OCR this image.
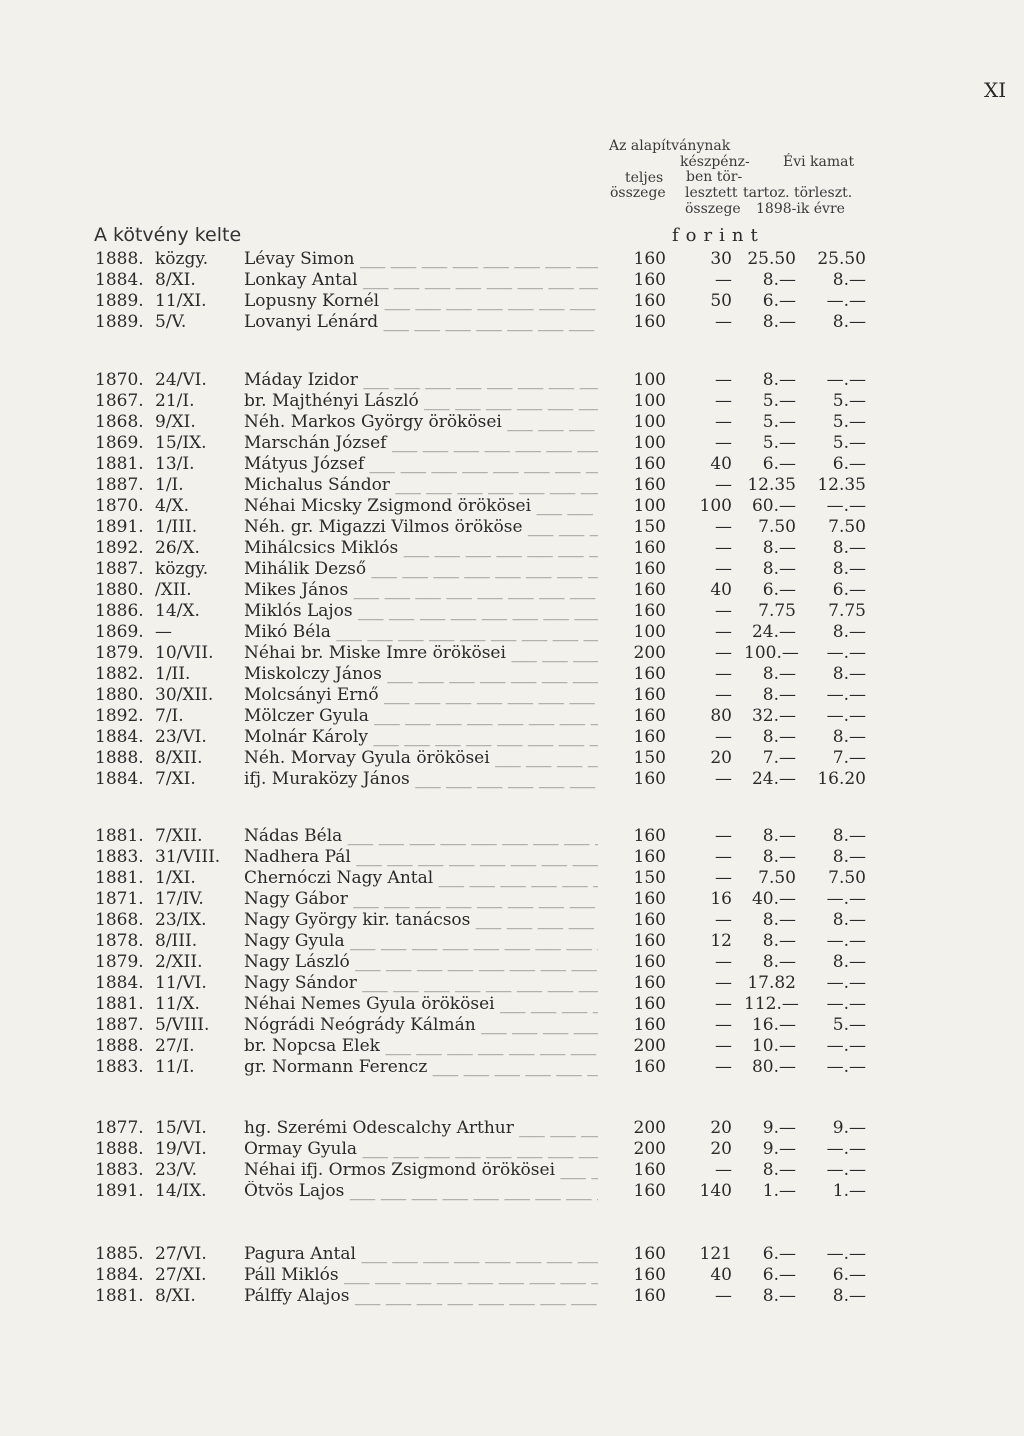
XI
Az alapítványnak
teljes
összege
készpénz-
ben tör-
lesztett
összege
Évi kamat
tartoz. törleszt.
1898-ik évre
A kötvény kelte	forint
1888. közgy. Lévay Simon ___ _	160	30 25.50	25.50
1884. 8/XI.	Lonkay Antal ___ _	160	—	8.—	8.—
1889. 11/XI. Lopusny Kornél ___ _	160	50	6.—	—.—
1889. 5/V.	Lovanyi Lénárd ___ _	160	—	8.—	8.—
1870. 24/VI. Máday Izidor ___ _	100	—	8.—	—.—
1867. 21/I.	br. Majthényi László ___ _	100	—	5.—	5.—
1868. 9/XI.	Néh. Markos György örökösei ___ _	100	—	5.—	5.—
1869. 15/IX. Marschán József ___ _	100	—	5.—	5.—
1881. 13/I.	Mátyus József ___ _	160	40	6.—	6.—
1887. 1/I.	Michalus Sándor ___ _	160	— 12.35	12.35
1870. 4/X.	Néhai Micsky Zsigmond örökösei ___ _	100	100	60.—	—.—
1891. 1/III.	Néh. gr. Migazzi Vilmos örököse ___ _	150	—	7.50	7.50
1892. 26/X.	Mihálcsics Miklós ___ _	160	—	8.—	8.—
1887. közgy. Mihálik Dezső ___ _	160	—	8.—	8.—
1880. /XII.	Mikes János ___ _	160	40	6.—	6.—
1886. 14/X.	Miklós Lajos ___ _	160	—	7.75	7.75
1869. —	Mikó Béla ___ _	100	—	24.—	8.—
1879. 10/VII. Néhai br. Miske Imre örökösei ___ _	200	— 100.—	—.—
1882. 1/II.	Miskolczy János ___ _	160	—	8.—	8.—
1880. 30/XII. Molcsányi Ernő ___ _	160	—	8.—	—.—
1892. 7/I.	Mölczer Gyula ___ _	160	80	32.—	—.—
1884. 23/VI. Molnár Károly ___ _	160	—	8.—	8.—
1888. 8/XII. Néh. Morvay Gyula örökösei ___ _	150	20	7.—	7.—
1884. 7/XI.	ifj. Muraközy János ___ _	160	—	24.—	16.20
1881. 7/XII. Nádas Béla ___ _	160	—	8.—	8.—
1883. 31/VIII. Nadhera Pál ___ _	160	—	8.—	8.—
1881. 1/XI.	Chernóczi Nagy Antal ___ _	150	—	7.50	7.50
1871. 17/IV. Nagy Gábor ___ _	160	16	40.—	—.—
1868. 23/IX. Nagy György kir. tanácsos ___ _	160	—	8.—	8.—
1878. 8/III.	Nagy Gyula ___ _	160	12	8.—	—.—
1879. 2/XII. Nagy László ___ _	160	—	8.—	8.—
1884. 11/VI. Nagy Sándor ___ _	160	— 17.82	—.—
1881. 11/X.	Néhai Nemes Gyula örökösei ___ _	160	— 112.—	—.—
1887. 5/VIII. Nógrádi Neógrády Kálmán ___ _	160	—	16.—	5.—
1888. 27/I.	br. Nopcsa Elek ___ _	200	—	10.—	—.—
1883. 11/I.	gr. Normann Ferencz ___ _	160	—	80.—	—.—
1877. 15/VI. hg. Szerémi Odescalchy Arthur ___ _	200	20	9.—	9.—
1888. 19/VI. Ormay Gyula ___ _	200	20	9.—	—.—
1883. 23/V.	Néhai ifj. Ormos Zsigmond örökösei ___ _	160	—	8.—	—.—
1891. 14/IX. Ötvös Lajos ___ _	160	140	1.—	1.—
1885. 27/VI. Pagura Antal ___ _	160	121	6.—	—.—
1884. 27/XI. Páll Miklós ___ _	160	40	6.—	6.—
1881. 8/XI.	Pálffy Alajos ___ _	160	—	8.—	8.—
